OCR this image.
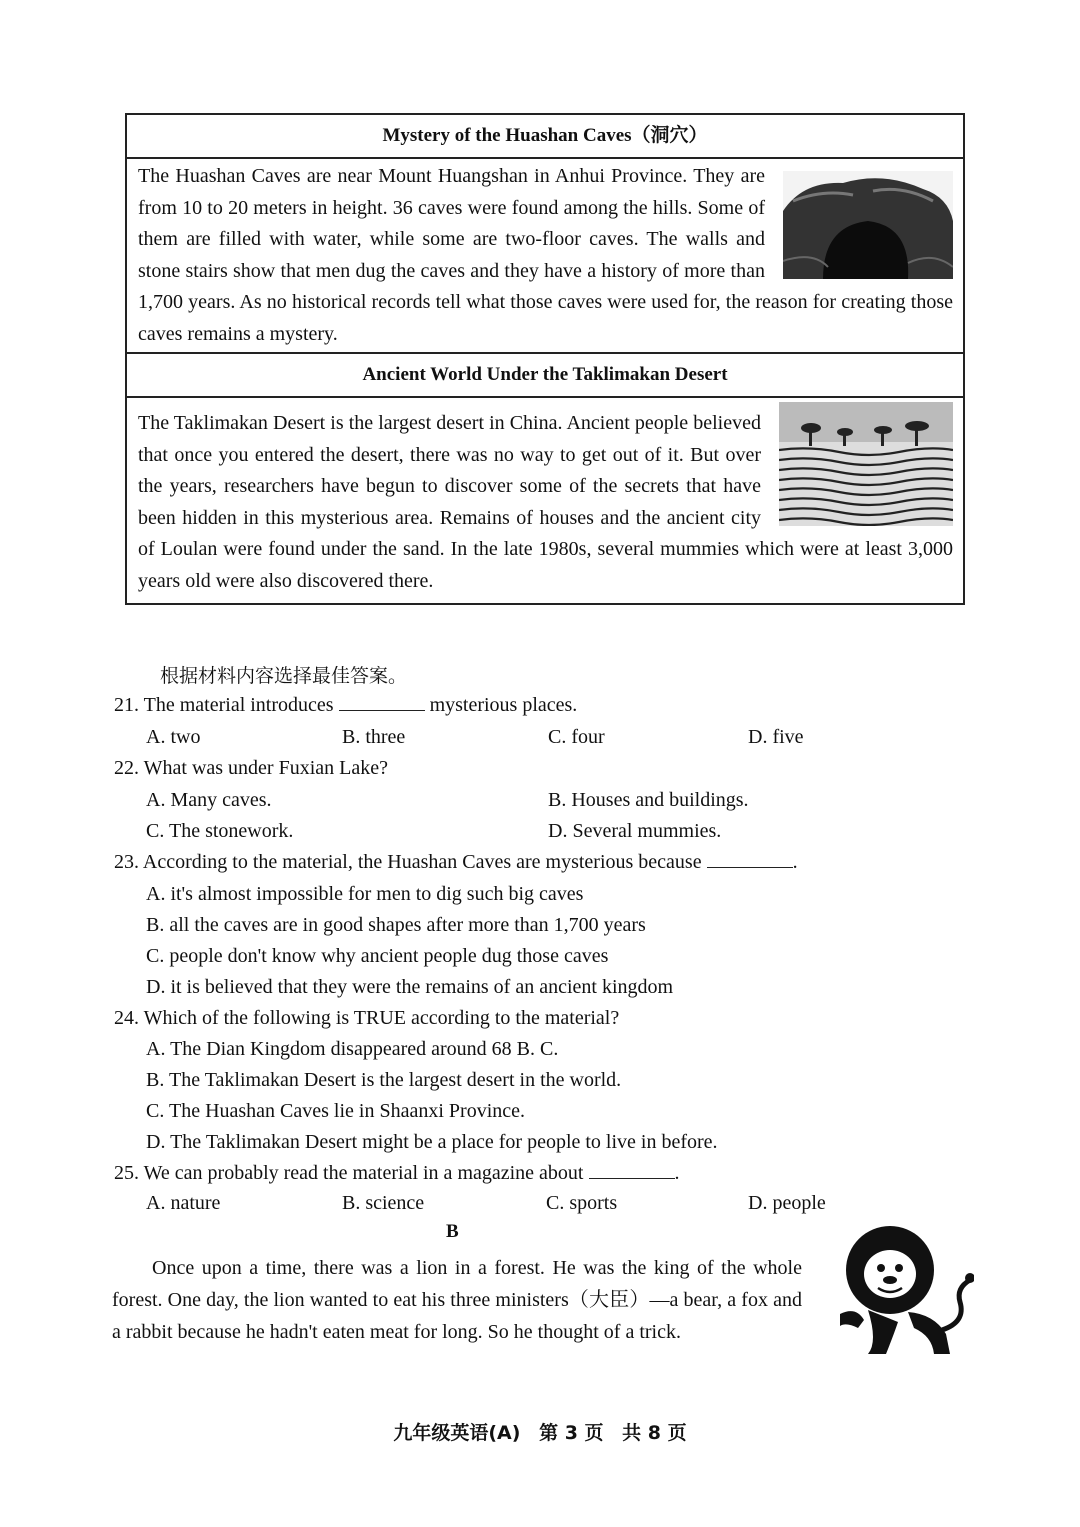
Mystery of the Huashan Caves（洞穴）

The Huashan Caves are near Mount Huangshan in Anhui Province. They are from 10 to 20 meters in height. 36 caves were found among the hills. Some of them are filled with water, while some are two-floor caves. The walls and stone stairs show that men dug the caves and they have a history of more than 1,700 years. As no historical records tell what those caves were used for, the reason for creating those caves remains a mystery.

Ancient World Under the Taklimakan Desert

The Taklimakan Desert is the largest desert in China. Ancient people believed that once you entered the desert, there was no way to get out of it. But over the years, researchers have begun to discover some of the secrets that have been hidden in this mysterious area. Remains of houses and the ancient city of Loulan were found under the sand. In the late 1980s, several mummies which were at least 3,000 years old were also discovered there.

根据材料内容选择最佳答案。
21. The material introduces	mysterious places.
A. two	B. three	C. four	D. five
22. What was under Fuxian Lake?
A. Many caves.	B. Houses and buildings.
C. The stonework.	D. Several mummies.
23. According to the material, the Huashan Caves are mysterious because	.
A. it's almost impossible for men to dig such big caves
B. all the caves are in good shapes after more than 1,700 years
C. people don't know why ancient people dug those caves
D. it is believed that they were the remains of an ancient kingdom
24. Which of the following is TRUE according to the material?
A. The Dian Kingdom disappeared around 68 B. C.
B. The Taklimakan Desert is the largest desert in the world.
C. The Huashan Caves lie in Shaanxi Province.
D. The Taklimakan Desert might be a place for people to live in before.
25. We can probably read the material in a magazine about	.
A. nature	B. science	C. sports	D. people
B

Once upon a time, there was a lion in a forest. He was the king of the whole forest. One day, the lion wanted to eat his three ministers（大臣）—a bear, a fox and a rabbit because he hadn't eaten meat for long. So he thought of a trick.

九年级英语(A) 第 3 页 共 8 页
